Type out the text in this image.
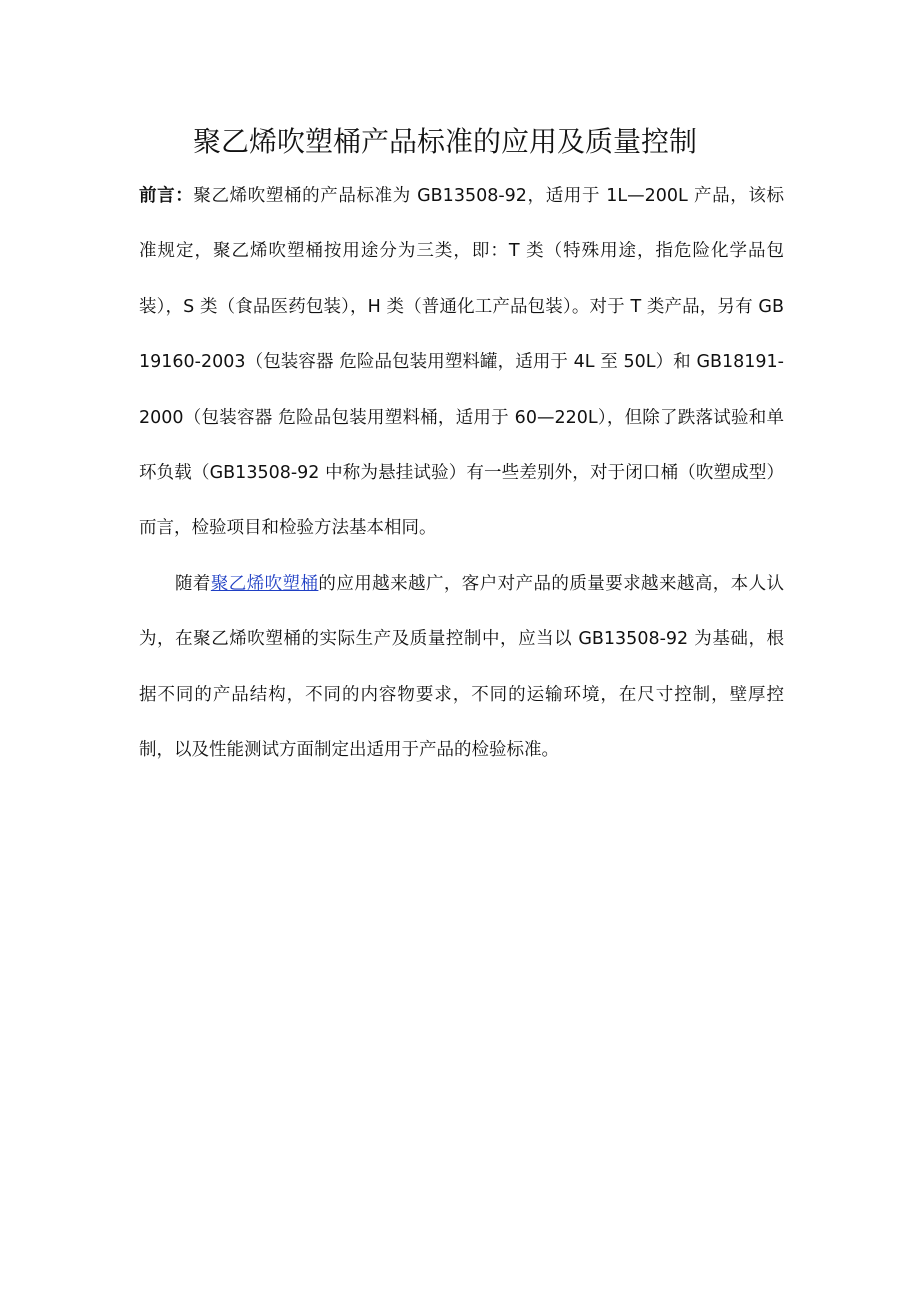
聚乙烯吹塑桶产品标准的应用及质量控制

前言：聚乙烯吹塑桶的产品标准为 GB13508-92，适用于 1L—200L 产品，该标准规定，聚乙烯吹塑桶按用途分为三类，即：T 类（特殊用途，指危险化学品包装），S 类（食品医药包装），H 类（普通化工产品包装）。对于 T 类产品，另有 GB19160-2003（包装容器 危险品包装用塑料罐，适用于 4L 至 50L）和 GB18191-2000（包装容器 危险品包装用塑料桶，适用于 60—220L），但除了跌落试验和单环负载（GB13508-92 中称为悬挂试验）有一些差别外，对于闭口桶（吹塑成型）而言，检验项目和检验方法基本相同。

随着聚乙烯吹塑桶的应用越来越广，客户对产品的质量要求越来越高，本人认为，在聚乙烯吹塑桶的实际生产及质量控制中，应当以 GB13508-92 为基础，根据不同的产品结构，不同的内容物要求，不同的运输环境，在尺寸控制，壁厚控制，以及性能测试方面制定出适用于产品的检验标准。
